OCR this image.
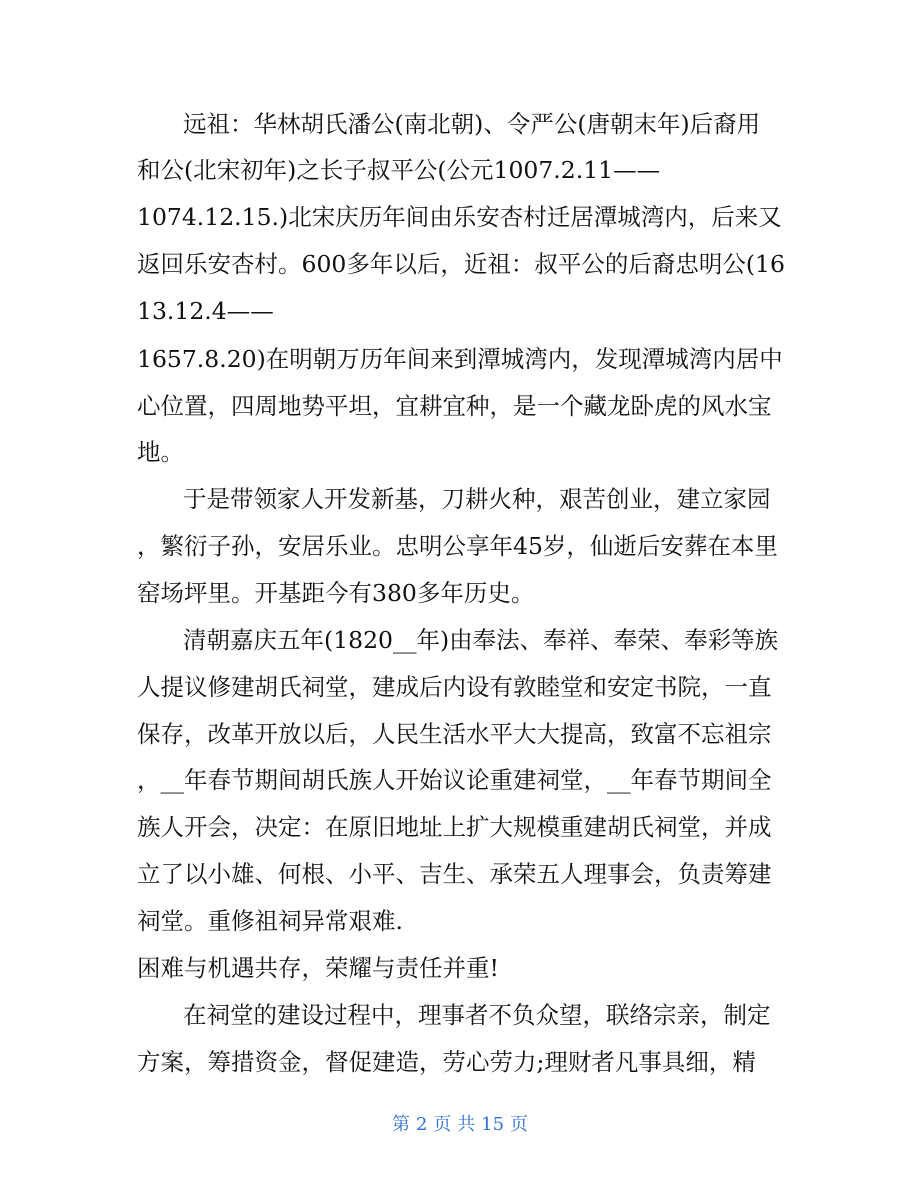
远祖：华林胡氏潘公(南北朝)、令严公(唐朝末年)后裔用
和公(北宋初年)之长子叔平公(公元1007.2.11——
1074.12.15.)北宋庆历年间由乐安杏村迁居潭城湾内，后来又
返回乐安杏村。600多年以后，近祖：叔平公的后裔忠明公(16
13.12.4——
1657.8.20)在明朝万历年间来到潭城湾内，发现潭城湾内居中
心位置，四周地势平坦，宜耕宜种，是一个藏龙卧虎的风水宝
地。
于是带领家人开发新基，刀耕火种，艰苦创业，建立家园
，繁衍子孙，安居乐业。忠明公享年45岁，仙逝后安葬在本里
窑场坪里。开基距今有380多年历史。
清朝嘉庆五年(1820__年)由奉法、奉祥、奉荣、奉彩等族
人提议修建胡氏祠堂，建成后内设有敦睦堂和安定书院，一直
保存，改革开放以后，人民生活水平大大提高，致富不忘祖宗
，__年春节期间胡氏族人开始议论重建祠堂，__年春节期间全
族人开会，决定：在原旧地址上扩大规模重建胡氏祠堂，并成
立了以小雄、何根、小平、吉生、承荣五人理事会，负责筹建
祠堂。重修祖祠异常艰难.
困难与机遇共存，荣耀与责任并重!
在祠堂的建设过程中，理事者不负众望，联络宗亲，制定
方案，筹措资金，督促建造，劳心劳力;理财者凡事具细，精
第 2 页 共 15 页
